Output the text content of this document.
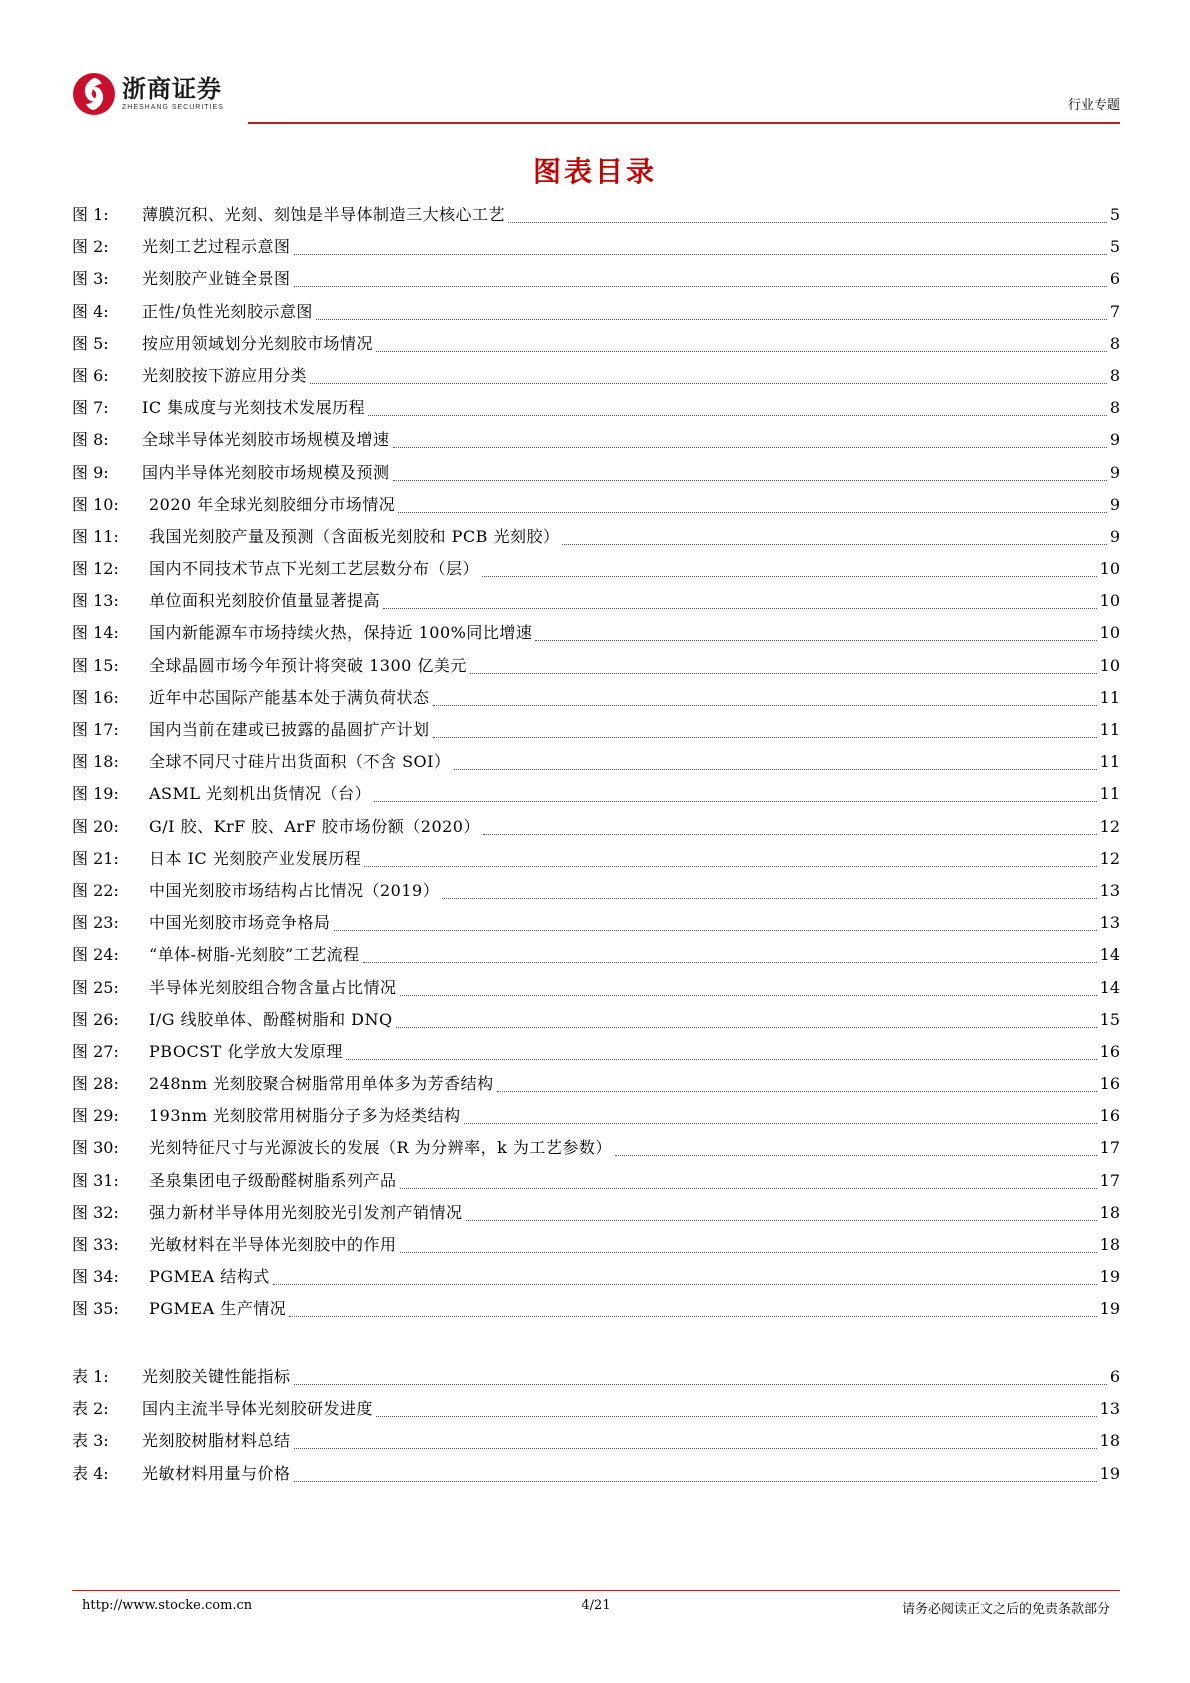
浙商证券
ZHESHANG SECURITIES	行业专题
图表目录
图 1:	薄膜沉积、光刻、刻蚀是半导体制造三大核心工艺	5
图 2:	光刻工艺过程示意图	5
图 3:	光刻胶产业链全景图	6
图 4:	正性/负性光刻胶示意图	7
图 5:	按应用领域划分光刻胶市场情况	8
图 6:	光刻胶按下游应用分类	8
图 7:	IC 集成度与光刻技术发展历程	8
图 8:	全球半导体光刻胶市场规模及增速	9
图 9:	国内半导体光刻胶市场规模及预测	9
图 10:	2020 年全球光刻胶细分市场情况	9
图 11:	我国光刻胶产量及预测（含面板光刻胶和 PCB 光刻胶）	9
图 12:	国内不同技术节点下光刻工艺层数分布（层）	10
图 13:	单位面积光刻胶价值量显著提高	10
图 14:	国内新能源车市场持续火热，保持近 100%同比增速	10
图 15:	全球晶圆市场今年预计将突破 1300 亿美元	10
图 16:	近年中芯国际产能基本处于满负荷状态	11
图 17:	国内当前在建或已披露的晶圆扩产计划	11
图 18:	全球不同尺寸硅片出货面积（不含 SOI）	11
图 19:	ASML 光刻机出货情况（台）	11
图 20:	G/I 胶、KrF 胶、ArF 胶市场份额（2020）	12
图 21:	日本 IC 光刻胶产业发展历程	12
图 22:	中国光刻胶市场结构占比情况（2019）	13
图 23:	中国光刻胶市场竞争格局	13
图 24:	“单体-树脂-光刻胶”工艺流程	14
图 25:	半导体光刻胶组合物含量占比情况	14
图 26:	I/G 线胶单体、酚醛树脂和 DNQ	15
图 27:	PBOCST 化学放大发原理	16
图 28:	248nm 光刻胶聚合树脂常用单体多为芳香结构	16
图 29:	193nm 光刻胶常用树脂分子多为烃类结构	16
图 30:	光刻特征尺寸与光源波长的发展（R 为分辨率，k 为工艺参数）	17
图 31:	圣泉集团电子级酚醛树脂系列产品	17
图 32:	强力新材半导体用光刻胶光引发剂产销情况	18
图 33:	光敏材料在半导体光刻胶中的作用	18
图 34:	PGMEA 结构式	19
图 35:	PGMEA 生产情况	19
表 1:	光刻胶关键性能指标	6
表 2:	国内主流半导体光刻胶研发进度	13
表 3:	光刻胶树脂材料总结	18
表 4:	光敏材料用量与价格	19
http://www.stocke.com.cn	4/21	请务必阅读正文之后的免责条款部分
